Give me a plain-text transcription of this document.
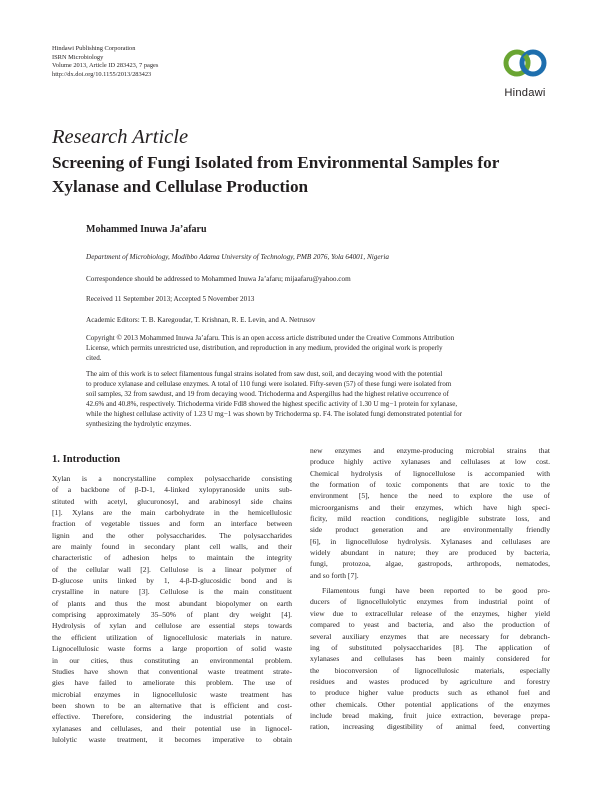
Hindawi Publishing Corporation
ISRN Microbiology
Volume 2013, Article ID 283423, 7 pages
http://dx.doi.org/10.1155/2013/283423
Hindawi
Research Article
Screening of Fungi Isolated from Environmental Samples for
Xylanase and Cellulase Production
Mohammed Inuwa Ja’afaru
Department of Microbiology, Modibbo Adama University of Technology, PMB 2076, Yola 64001, Nigeria
Correspondence should be addressed to Mohammed Inuwa Ja’afaru; mijaafaru@yahoo.com
Received 11 September 2013; Accepted 5 November 2013
Academic Editors: T. B. Karegoudar, T. Krishnan, R. E. Levin, and A. Netrusov
Copyright © 2013 Mohammed Inuwa Ja’afaru. This is an open access article distributed under the Creative Commons Attribution
License, which permits unrestricted use, distribution, and reproduction in any medium, provided the original work is properly
cited.
The aim of this work is to select filamentous fungal strains isolated from saw dust, soil, and decaying wood with the potential
to produce xylanase and cellulase enzymes. A total of 110 fungi were isolated. Fifty-seven (57) of these fungi were isolated from
soil samples, 32 from sawdust, and 19 from decaying wood. Trichoderma and Aspergillus had the highest relative occurrence of
42.6% and 40.8%, respectively. Trichoderma viride Fdl8 showed the highest specific activity of 1.30 U mg−1 protein for xylanase,
while the highest cellulase activity of 1.23 U mg−1 was shown by Trichoderma sp. F4. The isolated fungi demonstrated potential for
synthesizing the hydrolytic enzymes.
1. Introduction
Xylan is a noncrystalline complex polysaccharide consisting
of a backbone of β-D-1, 4-linked xylopyranoside units sub-
stituted with acetyl, glucuronosyl, and arabinosyl side chains
[1]. Xylans are the main carbohydrate in the hemicellulosic
fraction of vegetable tissues and form an interface between
lignin and the other polysaccharides. The polysaccharides
are mainly found in secondary plant cell walls, and their
characteristic of adhesion helps to maintain the integrity
of the cellular wall [2]. Cellulose is a linear polymer of
D-glucose units linked by 1, 4-β-D-glucosidic bond and is
crystalline in nature [3]. Cellulose is the main constituent
of plants and thus the most abundant biopolymer on earth
comprising approximately 35–50% of plant dry weight [4].
Hydrolysis of xylan and cellulose are essential steps towards
the efficient utilization of lignocellulosic materials in nature.
Lignocellulosic waste forms a large proportion of solid waste
in our cities, thus constituting an environmental problem.
Studies have shown that conventional waste treatment strate-
gies have failed to ameliorate this problem. The use of
microbial enzymes in lignocellulosic waste treatment has
been shown to be an alternative that is efficient and cost-
effective. Therefore, considering the industrial potentials of
xylanases and cellulases, and their potential use in lignocel-
lulolytic waste treatment, it becomes imperative to obtain
new enzymes and enzyme-producing microbial strains that
produce highly active xylanases and cellulases at low cost.
Chemical hydrolysis of lignocellulose is accompanied with
the formation of toxic components that are toxic to the
environment [5], hence the need to explore the use of
microorganisms and their enzymes, which have high speci-
ficity, mild reaction conditions, negligible substrate loss, and
side product generation and are environmentally friendly
[6], in lignocellulose hydrolysis. Xylanases and cellulases are
widely abundant in nature; they are produced by bacteria,
fungi, protozoa, algae, gastropods, arthropods, nematodes,
and so forth [7].
Filamentous fungi have been reported to be good pro-
ducers of lignocellulolytic enzymes from industrial point of
view due to extracellular release of the enzymes, higher yield
compared to yeast and bacteria, and also the production of
several auxiliary enzymes that are necessary for debranch-
ing of substituted polysaccharides [8]. The application of
xylanases and cellulases has been mainly considered for
the bioconversion of lignocellulosic materials, especially
residues and wastes produced by agriculture and forestry
to produce higher value products such as ethanol fuel and
other chemicals. Other potential applications of the enzymes
include bread making, fruit juice extraction, beverage prepa-
ration, increasing digestibility of animal feed, converting
